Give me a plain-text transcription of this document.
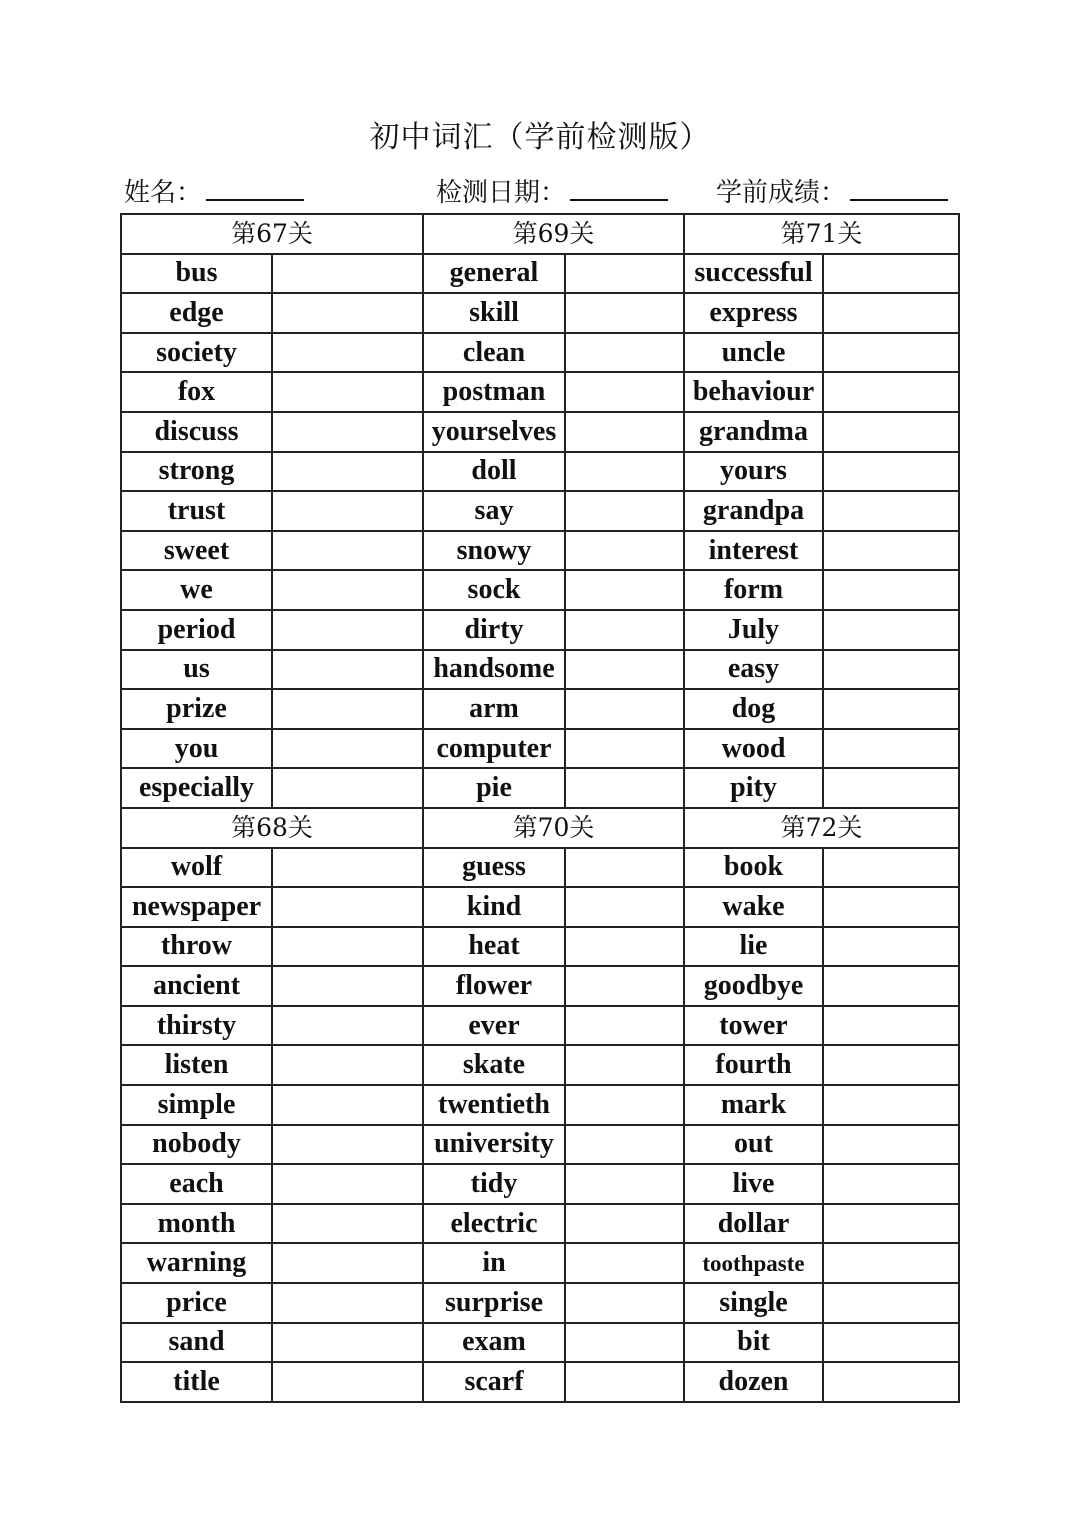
初中词汇（学前检测版）
姓名：	检测日期：	学前成绩：
第67关		第69关		第71关	
bus		general		successful	
edge		skill		express	
society		clean		uncle	
fox		postman		behaviour	
discuss		yourselves		grandma	
strong		doll		yours	
trust		say		grandpa	
sweet		snowy		interest	
we		sock		form	
period		dirty		July	
us		handsome		easy	
prize		arm		dog	
you		computer		wood	
especially		pie		pity	
第68关		第70关		第72关	
wolf		guess		book	
newspaper		kind		wake	
throw		heat		lie	
ancient		flower		goodbye	
thirsty		ever		tower	
listen		skate		fourth	
simple		twentieth		mark	
nobody		university		out	
each		tidy		live	
month		electric		dollar	
warning		in		toothpaste	
price		surprise		single	
sand		exam		bit	
title		scarf		dozen	
